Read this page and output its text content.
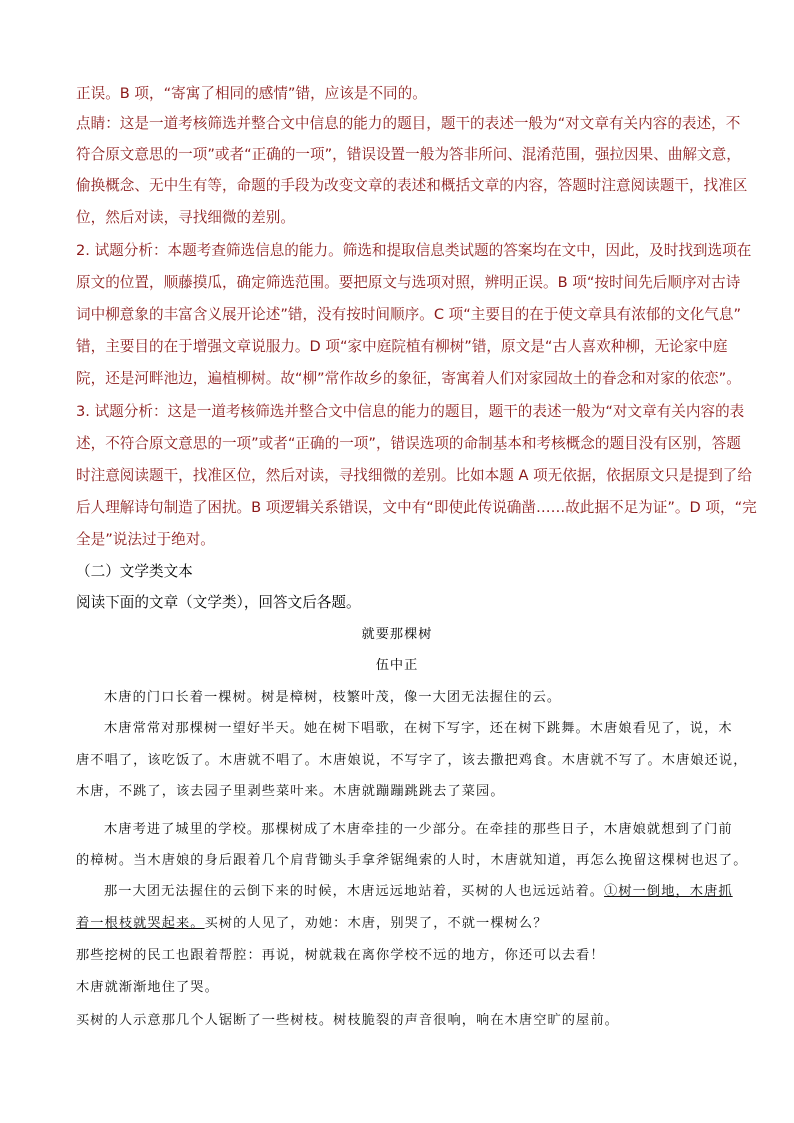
正误。B 项，“寄寓了相同的感情”错，应该是不同的。
点睛：这是一道考核筛选并整合文中信息的能力的题目，题干的表述一般为“对文章有关内容的表述，不
符合原文意思的一项”或者“正确的一项”，错误设置一般为答非所问、混淆范围，强拉因果、曲解文意，
偷换概念、无中生有等，命题的手段为改变文章的表述和概括文章的内容，答题时注意阅读题干，找准区
位，然后对读，寻找细微的差别。
2. 试题分析：本题考查筛选信息的能力。筛选和提取信息类试题的答案均在文中，因此，及时找到选项在
原文的位置，顺藤摸瓜，确定筛选范围。要把原文与选项对照，辨明正误。B 项“按时间先后顺序对古诗
词中柳意象的丰富含义展开论述”错，没有按时间顺序。C 项“主要目的在于使文章具有浓郁的文化气息”
错，主要目的在于增强文章说服力。D 项“家中庭院植有柳树”错，原文是“古人喜欢种柳，无论家中庭
院，还是河畔池边，遍植柳树。故“柳”常作故乡的象征，寄寓着人们对家园故土的眷念和对家的依恋”。
3. 试题分析：这是一道考核筛选并整合文中信息的能力的题目，题干的表述一般为“对文章有关内容的表
述，不符合原文意思的一项”或者“正确的一项”，错误选项的命制基本和考核概念的题目没有区别，答题
时注意阅读题干，找准区位，然后对读，寻找细微的差别。比如本题 A 项无依据，依据原文只是提到了给
后人理解诗句制造了困扰。B 项逻辑关系错误，文中有“即使此传说确凿……故此据不足为证”。D 项，“完
全是”说法过于绝对。
（二）文学类文本
阅读下面的文章（文学类），回答文后各题。
就要那棵树
伍中正
木唐的门口长着一棵树。树是樟树，枝繁叶茂，像一大团无法握住的云。
木唐常常对那棵树一望好半天。她在树下唱歌，在树下写字，还在树下跳舞。木唐娘看见了，说，木
唐不唱了，该吃饭了。木唐就不唱了。木唐娘说，不写字了，该去撒把鸡食。木唐就不写了。木唐娘还说，
木唐，不跳了，该去园子里剥些菜叶来。木唐就蹦蹦跳跳去了菜园。
木唐考进了城里的学校。那棵树成了木唐牵挂的一少部分。在牵挂的那些日子，木唐娘就想到了门前
的樟树。当木唐娘的身后跟着几个肩背锄头手拿斧锯绳索的人时，木唐就知道，再怎么挽留这棵树也迟了。
那一大团无法握住的云倒下来的时候，木唐远远地站着，买树的人也远远站着。①树一倒地，木唐抓
着一根枝就哭起来。买树的人见了，劝她：木唐，别哭了，不就一棵树么？
那些挖树的民工也跟着帮腔：再说，树就栽在离你学校不远的地方，你还可以去看！
木唐就渐渐地住了哭。
买树的人示意那几个人锯断了一些树枝。树枝脆裂的声音很响，响在木唐空旷的屋前。
